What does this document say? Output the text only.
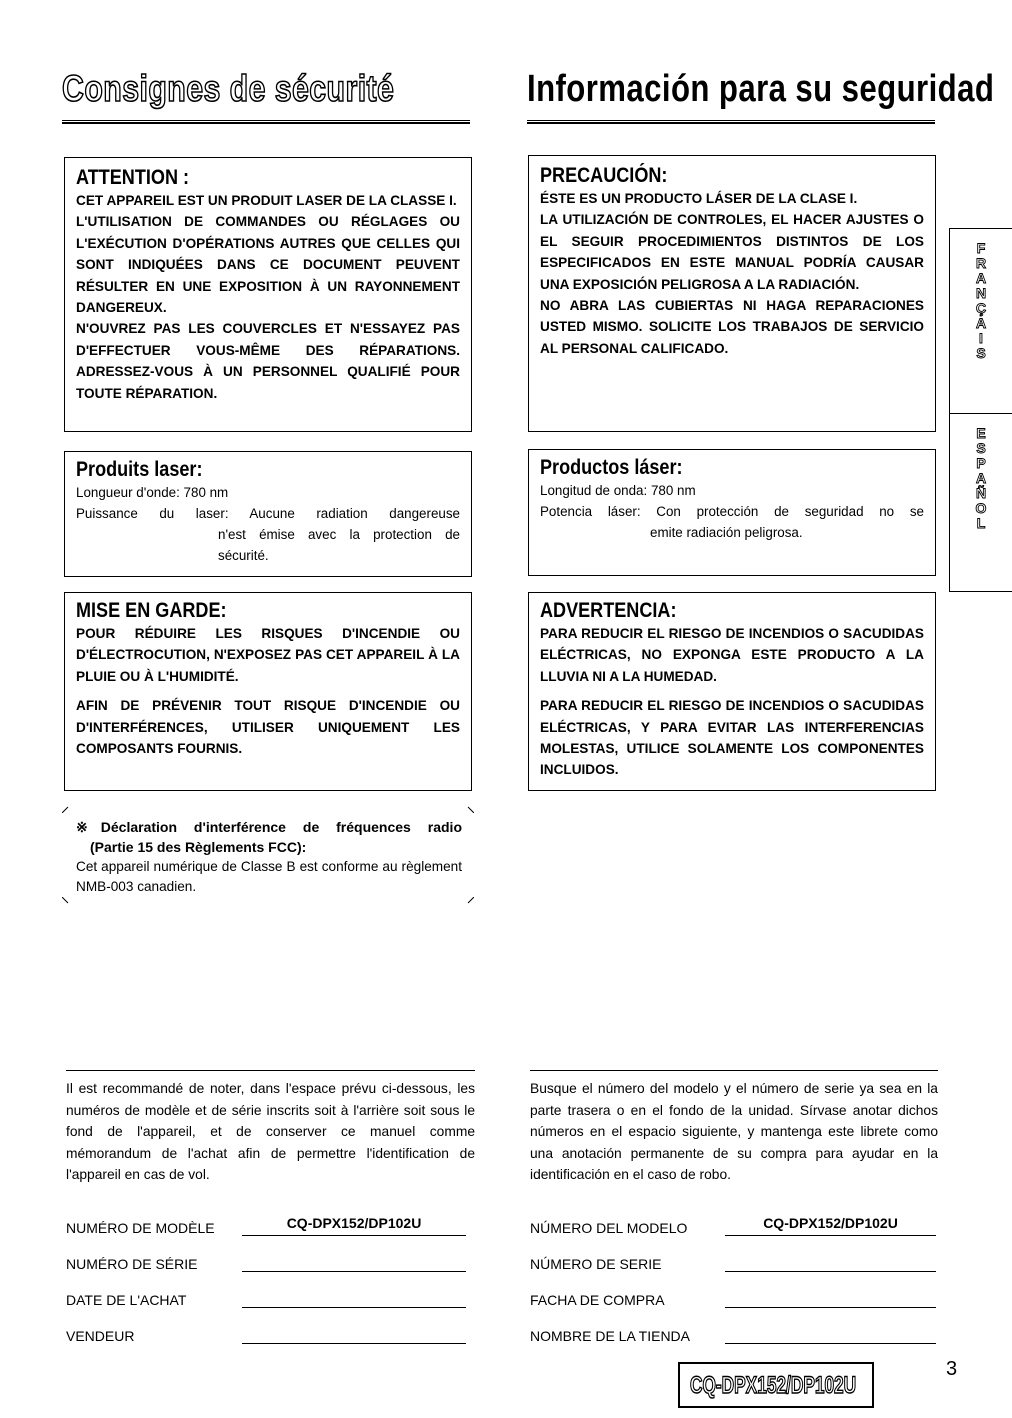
Consignes de sécurité
ATTENTION :
CET APPAREIL EST UN PRODUIT LASER DE LA CLASSE I.
L'UTILISATION DE COMMANDES OU RÉGLAGES OU L'EXÉCUTION D'OPÉRATIONS AUTRES QUE CELLES QUI SONT INDIQUÉES DANS CE DOCUMENT PEUVENT RÉSULTER EN UNE EXPOSITION À UN RAYONNEMENT DANGEREUX.
N'OUVREZ PAS LES COUVERCLES ET N'ESSAYEZ PAS D'EFFECTUER VOUS-MÊME DES RÉPARATIONS. ADRESSEZ-VOUS À UN PERSONNEL QUALIFIÉ POUR TOUTE RÉPARATION.
Produits laser:
Longueur d'onde: 780 nm
Puissance du laser: Aucune radiation dangereuse
n'est émise avec la protection de sécurité.
MISE EN GARDE:
POUR RÉDUIRE LES RISQUES D'INCENDIE OU D'ÉLECTROCUTION, N'EXPOSEZ PAS CET APPAREIL À LA PLUIE OU À L'HUMIDITÉ.
AFIN DE PRÉVENIR TOUT RISQUE D'INCENDIE OU D'INTERFÉRENCES, UTILISER UNIQUEMENT LES COMPOSANTS FOURNIS.
※Déclaration d'interférence de fréquences radio
(Partie 15 des Règlements FCC):
Cet appareil numérique de Classe B est conforme au règlement NMB-003 canadien.
Il est recommandé de noter, dans l'espace prévu ci-dessous, les numéros de modèle et de série inscrits soit à l'arrière soit sous le fond de l'appareil, et de conserver ce manuel comme mémorandum de l'achat afin de permettre l'identification de l'appareil en cas de vol.
NUMÉRO DE MODÈLE	CQ-DPX152/DP102U
NUMÉRO DE SÉRIE
DATE DE L'ACHAT
VENDEUR
Información para su seguridad
PRECAUCIÓN:
ÉSTE ES UN PRODUCTO LÁSER DE LA CLASE I.
LA UTILIZACIÓN DE CONTROLES, EL HACER AJUSTES O EL SEGUIR PROCEDIMIENTOS DISTINTOS DE LOS ESPECIFICADOS EN ESTE MANUAL PODRÍA CAUSAR UNA EXPOSICIÓN PELIGROSA A LA RADIACIÓN.
NO ABRA LAS CUBIERTAS NI HAGA REPARACIONES USTED MISMO. SOLICITE LOS TRABAJOS DE SERVICIO AL PERSONAL CALIFICADO.
Productos láser:
Longitud de onda: 780 nm
Potencia láser: Con protección de seguridad no se
emite radiación peligrosa.
ADVERTENCIA:
PARA REDUCIR EL RIESGO DE INCENDIOS O SACUDIDAS ELÉCTRICAS, NO EXPONGA ESTE PRODUCTO A LA LLUVIA NI A LA HUMEDAD.
PARA REDUCIR EL RIESGO DE INCENDIOS O SACUDIDAS ELÉCTRICAS, Y PARA EVITAR LAS INTERFERENCIAS MOLESTAS, UTILICE SOLAMENTE LOS COMPONENTES INCLUIDOS.
Busque el número del modelo y el número de serie ya sea en la parte trasera o en el fondo de la unidad. Sírvase anotar dichos números en el espacio siguiente, y mantenga este librete como una anotación permanente de su compra para ayudar en la identificación en el caso de robo.
NÚMERO DEL MODELO	CQ-DPX152/DP102U
NÚMERO DE SERIE
FACHA DE COMPRA
NOMBRE DE LA TIENDA
F
R
A
N
Ç
A
I
S
E
S
P
A
Ñ
O
L
3
CQ-DPX152/DP102U
